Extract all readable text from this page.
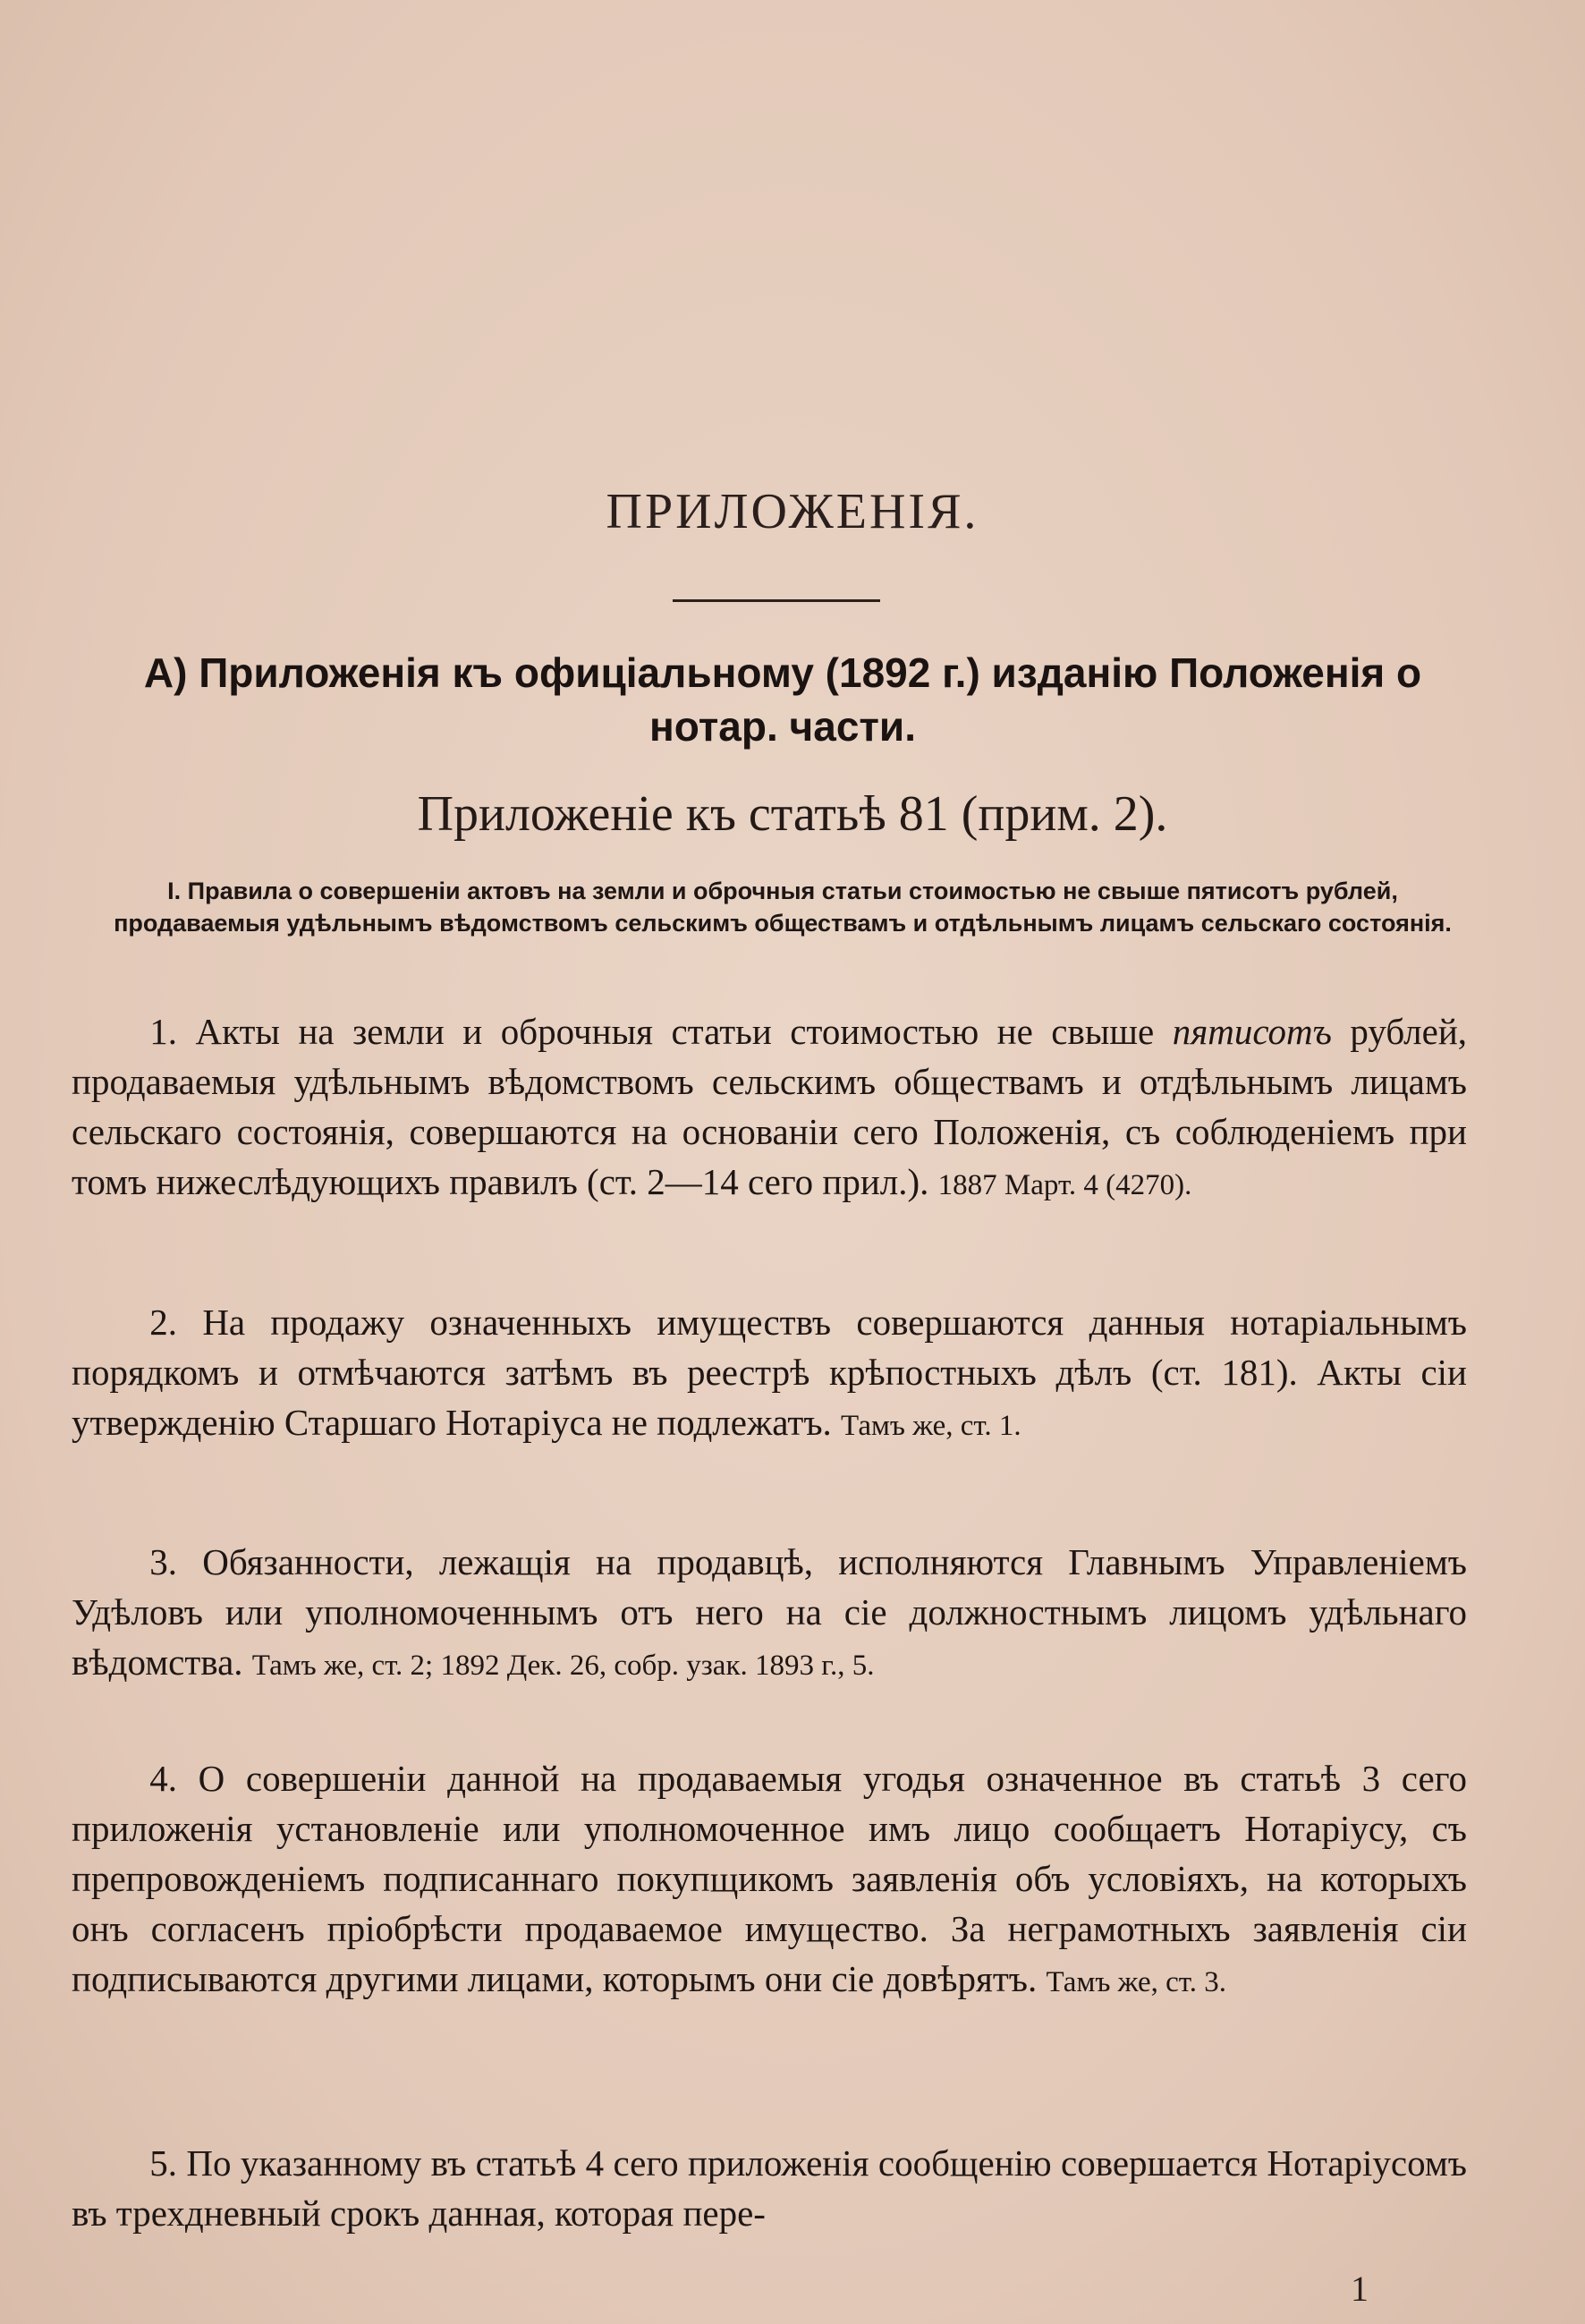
ПРИЛОЖЕНIЯ.
А) Приложенiя къ офицiальному (1892 г.) изданiю Положенiя о нотар. части.
Приложенiе къ статьѣ 81 (прим. 2).
I. Правила о совершенiи актовъ на земли и оброчныя статьи стоимостью не свыше пятисотъ рублей, продаваемыя удѣльнымъ вѣдомствомъ сельскимъ обществамъ и отдѣльнымъ лицамъ сельскаго состоянiя.
1. Акты на земли и оброчныя статьи стоимостью не свыше пятисотъ рублей, продаваемыя удѣльнымъ вѣдомствомъ сельскимъ обществамъ и отдѣльнымъ лицамъ сельскаго состоянiя, совершаются на основанiи сего Положенiя, съ соблюденiемъ при томъ нижеслѣдующихъ правилъ (ст. 2—14 сего прил.). 1887 Март. 4 (4270).
2. На продажу означенныхъ имуществъ совершаются данныя нотарiальнымъ порядкомъ и отмѣчаются затѣмъ въ реестрѣ крѣпостныхъ дѣлъ (ст. 181). Акты сiи утвержденiю Старшаго Нотарiуса не подлежатъ. Тамъ же, ст. 1.
3. Обязанности, лежащiя на продавцѣ, исполняются Главнымъ Управленiемъ Удѣловъ или уполномоченнымъ отъ него на сiе должностнымъ лицомъ удѣльнаго вѣдомства. Тамъ же, ст. 2; 1892 Дек. 26, собр. узак. 1893 г., 5.
4. О совершенiи данной на продаваемыя угодья означенное въ статьѣ 3 сего приложенiя установленiе или уполномоченное имъ лицо сообщаетъ Нотарiусу, съ препровожденiемъ подписаннаго покупщикомъ заявленiя объ условiяхъ, на которыхъ онъ согласенъ прiобрѣсти продаваемое имущество. За неграмотныхъ заявленiя сiи подписываются другими лицами, которымъ они сiе довѣрятъ. Тамъ же, ст. 3.
5. По указанному въ статьѣ 4 сего приложенiя сообщенiю совершается Нотарiусомъ въ трехдневный срокъ данная, которая пере-
1
